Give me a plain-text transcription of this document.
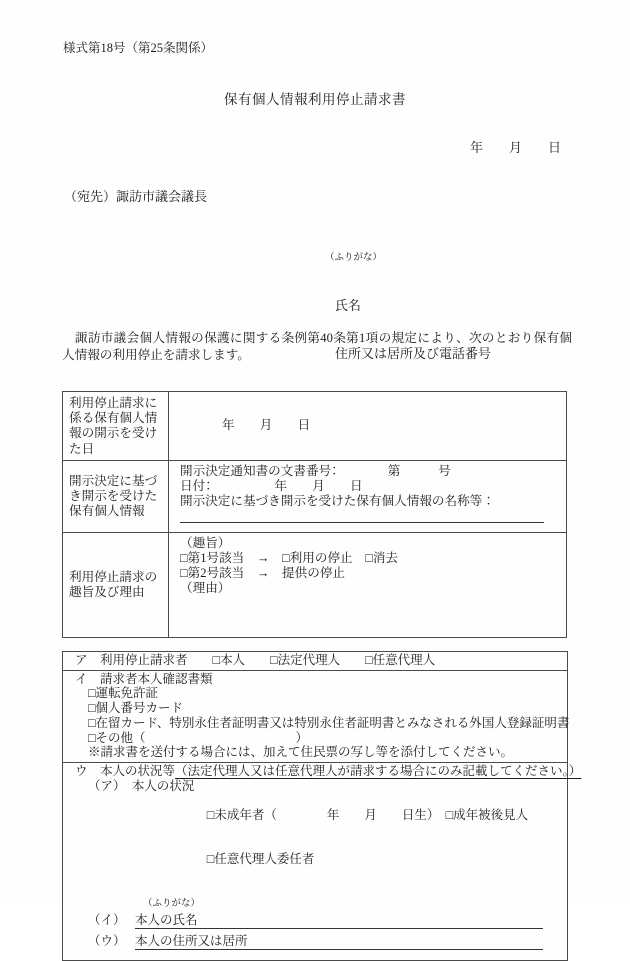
様式第18号（第25条関係）
保有個人情報利用停止請求書
年　　月　　日
（宛先）諏訪市議会議長

（ふりがな）

氏名

住所又は居所及び電話番号

　諏訪市議会個人情報の保護に関する条例第40条第1項の規定により、次のとおり保有個人情報の利用停止を請求します。
利用停止請求に係る保有個人情報の開示を受けた日	年　　月　　日

開示決定に基づき開示を受けた保有個人情報	開示決定通知書の文書番号：　　　　第　　　号
日付：　　　　　年　　月　　日
開示決定に基づき開示を受けた保有個人情報の名称等：

利用停止請求の趣旨及び理由	（趣旨）
□第1号該当　→　□利用の停止　□消去
□第2号該当　→　提供の停止
（理由）
ア　利用停止請求者　　□本人　　□法定代理人　　□任意代理人
イ　請求者本人確認書類
□運転免許証
□個人番号カード
□在留カード、特別永住者証明書又は特別永住者証明書とみなされる外国人登録証明書
□その他（　　　　　　　　　　　　）
※請求書を送付する場合には、加えて住民票の写し等を添付してください。
ウ　本人の状況等（法定代理人又は任意代理人が請求する場合にのみ記載してください。）
（ア）　本人の状況　

□未成年者（　　　　年　　月　　日生）　□成年被後見人

□任意代理人委任者

（ふりがな）
（イ） 本人の氏名
（ウ） 本人の住所又は居所
